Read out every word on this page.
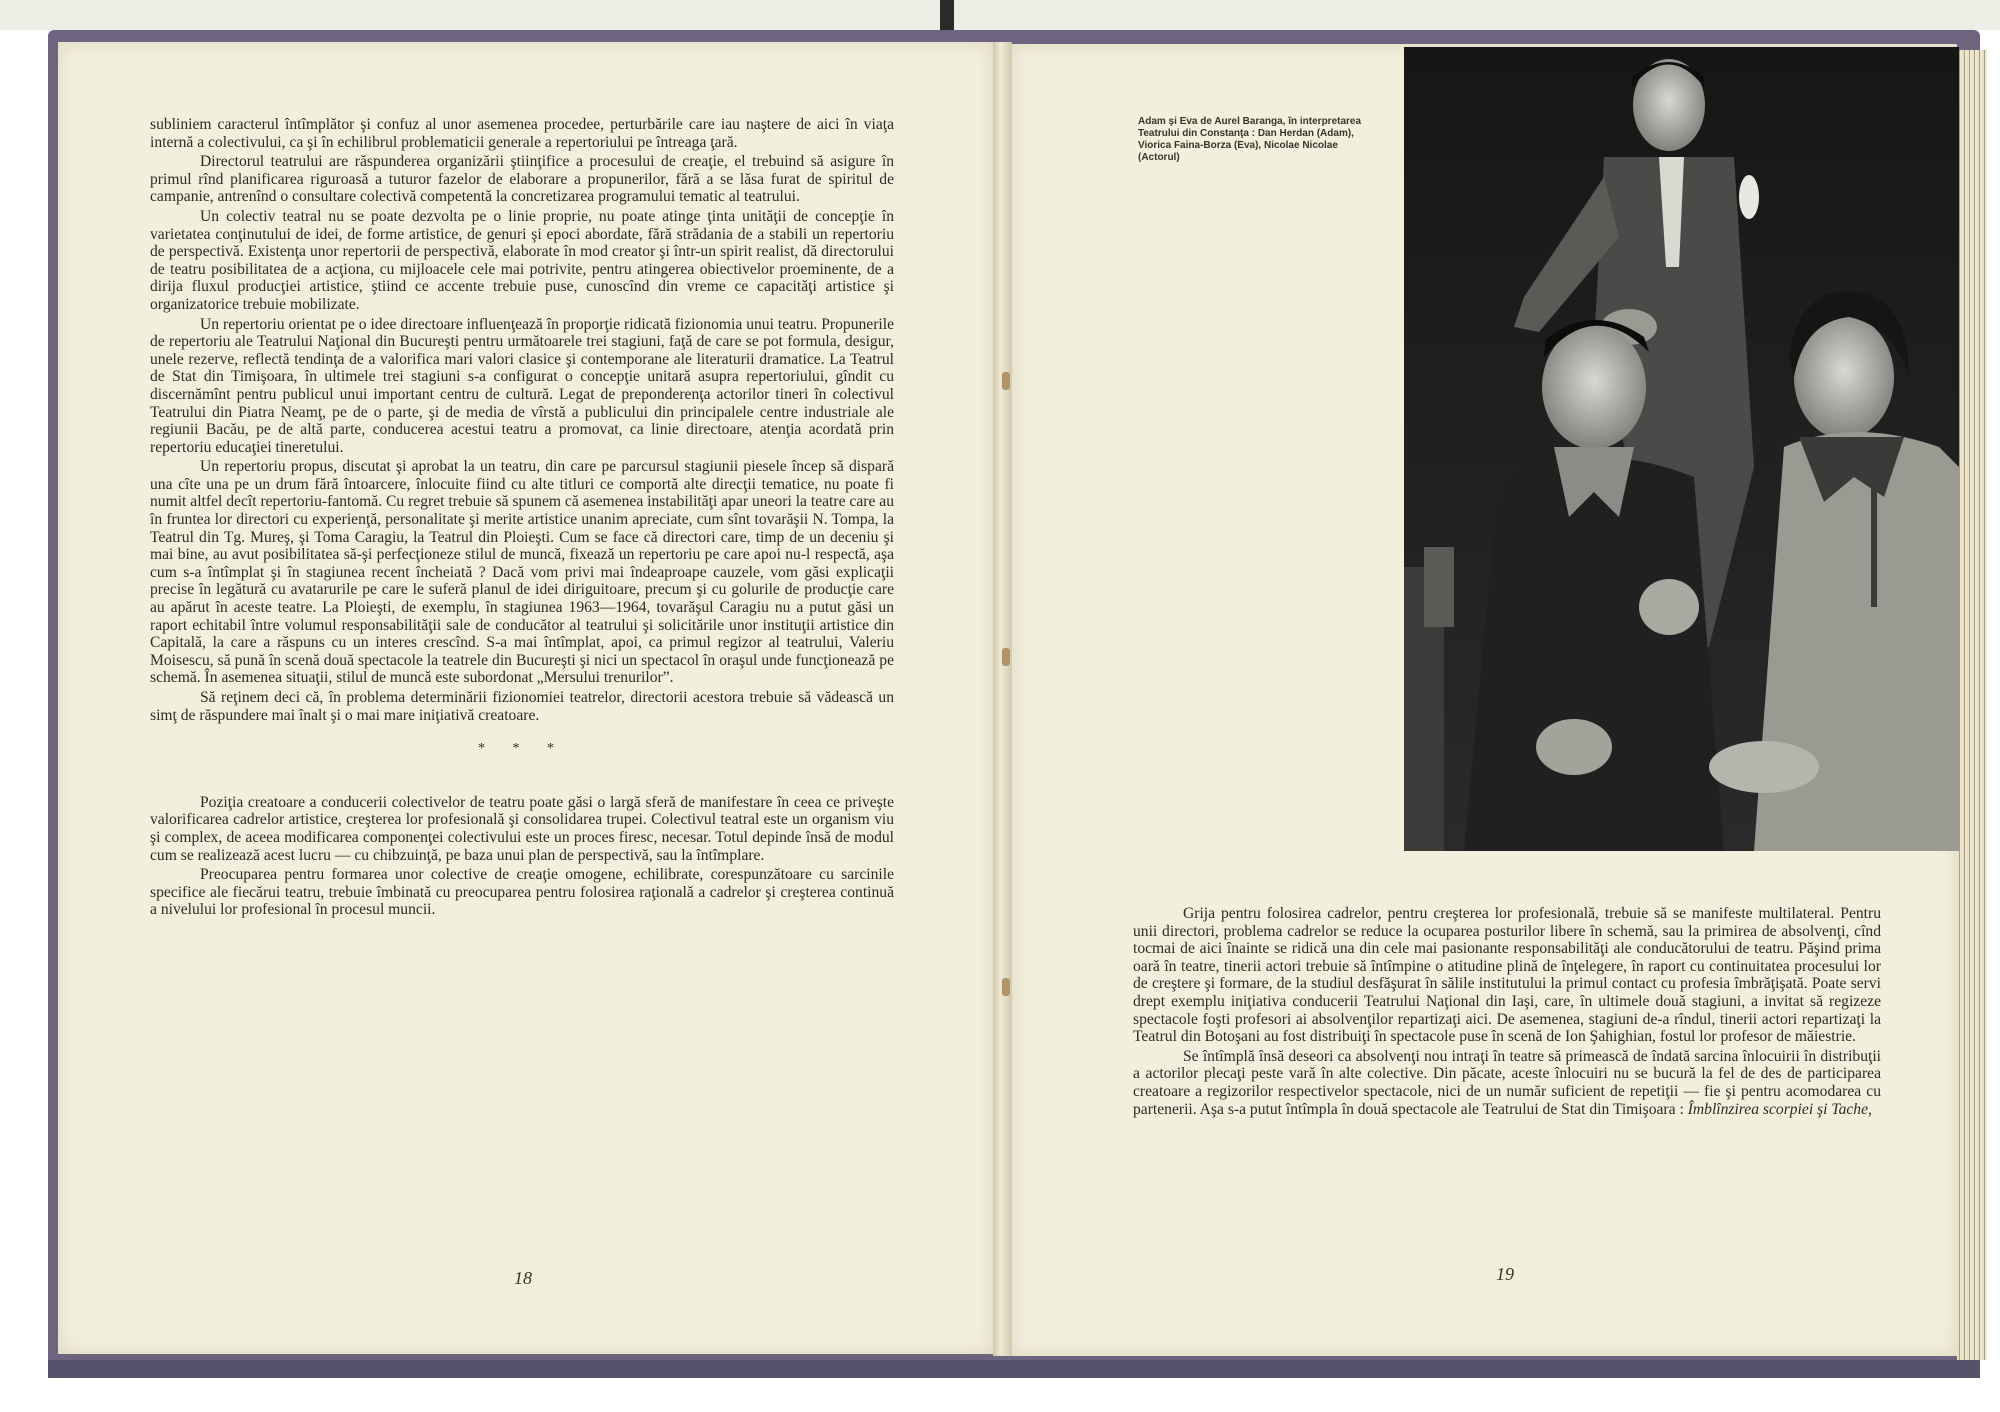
subliniem caracterul întîmplător şi confuz al unor asemenea procedee, perturbările care iau naştere de aici în viaţa internă a colectivului, ca şi în echilibrul problematicii generale a repertoriului pe întreaga ţară.

Directorul teatrului are răspunderea organizării ştiinţifice a procesului de creaţie, el trebuind să asigure în primul rînd planificarea riguroasă a tuturor fazelor de elaborare a propunerilor, fără a se lăsa furat de spiritul de campanie, antrenînd o consultare colectivă competentă la concretizarea programului tematic al teatrului.

Un colectiv teatral nu se poate dezvolta pe o linie proprie, nu poate atinge ţinta unităţii de concepţie în varietatea conţinutului de idei, de forme artistice, de genuri şi epoci abordate, fără strădania de a stabili un repertoriu de perspectivă. Existenţa unor repertorii de perspectivă, elaborate în mod creator şi într-un spirit realist, dă directorului de teatru posibilitatea de a acţiona, cu mijloacele cele mai potrivite, pentru atingerea obiectivelor proeminente, de a dirija fluxul producţiei artistice, ştiind ce accente trebuie puse, cunoscînd din vreme ce capacităţi artistice şi organizatorice trebuie mobilizate.

Un repertoriu orientat pe o idee directoare influenţează în proporţie ridicată fizionomia unui teatru. Propunerile de repertoriu ale Teatrului Naţional din Bucureşti pentru următoarele trei stagiuni, faţă de care se pot formula, desigur, unele rezerve, reflectă tendinţa de a valorifica mari valori clasice şi contemporane ale literaturii dramatice. La Teatrul de Stat din Timişoara, în ultimele trei stagiuni s-a configurat o concepţie unitară asupra repertoriului, gîndit cu discernămînt pentru publicul unui important centru de cultură. Legat de preponderenţa actorilor tineri în colectivul Teatrului din Piatra Neamţ, pe de o parte, şi de media de vîrstă a publicului din principalele centre industriale ale regiunii Bacău, pe de altă parte, conducerea acestui teatru a promovat, ca linie directoare, atenţia acordată prin repertoriu educaţiei tineretului.

Un repertoriu propus, discutat şi aprobat la un teatru, din care pe parcursul stagiunii piesele încep să dispară una cîte una pe un drum fără întoarcere, înlocuite fiind cu alte titluri ce comportă alte direcţii tematice, nu poate fi numit altfel decît repertoriu-fantomă. Cu regret trebuie să spunem că asemenea instabilităţi apar uneori la teatre care au în fruntea lor directori cu experienţă, personalitate şi merite artistice unanim apreciate, cum sînt tovarăşii N. Tompa, la Teatrul din Tg. Mureş, şi Toma Caragiu, la Teatrul din Ploieşti. Cum se face că directori care, timp de un deceniu şi mai bine, au avut posibilitatea să-şi perfecţioneze stilul de muncă, fixează un repertoriu pe care apoi nu-l respectă, aşa cum s-a întîmplat şi în stagiunea recent încheiată ? Dacă vom privi mai îndeaproape cauzele, vom găsi explicaţii precise în legătură cu avatarurile pe care le suferă planul de idei diriguitoare, precum şi cu golurile de producţie care au apărut în aceste teatre. La Ploieşti, de exemplu, în stagiunea 1963—1964, tovarăşul Caragiu nu a putut găsi un raport echitabil între volumul responsabilităţii sale de conducător al teatrului şi solicitările unor instituţii artistice din Capitală, la care a răspuns cu un interes crescînd. S-a mai întîmplat, apoi, ca primul regizor al teatrului, Valeriu Moisescu, să pună în scenă două spectacole la teatrele din Bucureşti şi nici un spectacol în oraşul unde funcţionează pe schemă. În asemenea situaţii, stilul de muncă este subordonat „Mersului trenurilor”.

Să reţinem deci că, în problema determinării fizionomiei teatrelor, directorii acestora trebuie să vădească un simţ de răspundere mai înalt şi o mai mare iniţiativă creatoare.

* * *

Poziţia creatoare a conducerii colectivelor de teatru poate găsi o largă sferă de manifestare în ceea ce priveşte valorificarea cadrelor artistice, creşterea lor profesională şi consolidarea trupei. Colectivul teatral este un organism viu şi complex, de aceea modificarea componenţei colectivului este un proces firesc, necesar. Totul depinde însă de modul cum se realizează acest lucru — cu chibzuinţă, pe baza unui plan de perspectivă, sau la întîmplare.

Preocuparea pentru formarea unor colective de creaţie omogene, echilibrate, corespunzătoare cu sarcinile specifice ale fiecărui teatru, trebuie îmbinată cu preocuparea pentru folosirea raţională a cadrelor şi creşterea continuă a nivelului lor profesional în procesul muncii.

18
Adam şi Eva de Aurel Baranga, în interpretarea Teatrului din Constanţa : Dan Herdan (Adam), Viorica Faina-Borza (Eva), Nicolae Nicolae (Actorul)

Grija pentru folosirea cadrelor, pentru creşterea lor profesională, trebuie să se manifeste multilateral. Pentru unii directori, problema cadrelor se reduce la ocuparea posturilor libere în schemă, sau la primirea de absolvenţi, cînd tocmai de aici înainte se ridică una din cele mai pasionante responsabilităţi ale conducătorului de teatru. Păşind prima oară în teatre, tinerii actori trebuie să întîmpine o atitudine plină de înţelegere, în raport cu continuitatea procesului lor de creştere şi formare, de la studiul desfăşurat în sălile institutului la primul contact cu profesia îmbrăţişată. Poate servi drept exemplu iniţiativa conducerii Teatrului Naţional din Iaşi, care, în ultimele două stagiuni, a invitat să regizeze spectacole foşti profesori ai absolvenţilor repartizaţi aici. De asemenea, stagiuni de-a rîndul, tinerii actori repartizaţi la Teatrul din Botoşani au fost distribuiţi în spectacole puse în scenă de Ion Şahighian, fostul lor profesor de măiestrie.

Se întîmplă însă deseori ca absolvenţi nou intraţi în teatre să primească de îndată sarcina înlocuirii în distribuţii a actorilor plecaţi peste vară în alte colective. Din păcate, aceste înlocuiri nu se bucură la fel de des de participarea creatoare a regizorilor respectivelor spectacole, nici de un număr suficient de repetiţii — fie şi pentru acomodarea cu partenerii. Aşa s-a putut întîmpla în două spectacole ale Teatrului de Stat din Timişoara : Îmblînzirea scorpiei şi Tache,

19
